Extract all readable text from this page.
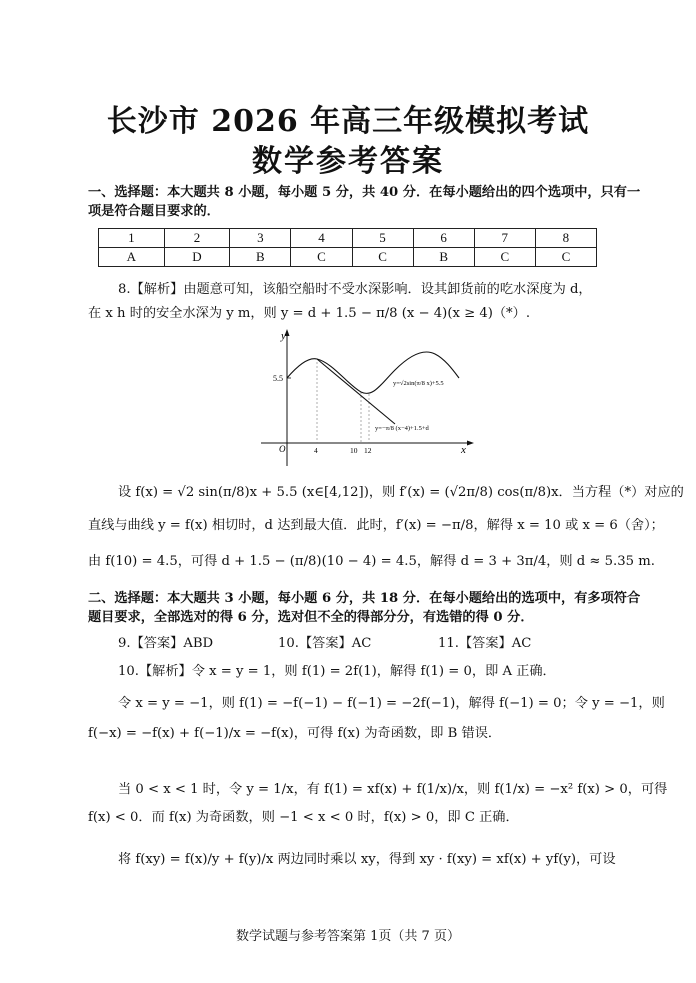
长沙市 2026 年高三年级模拟考试
数学参考答案
一、选择题：本大题共 8 小题，每小题 5 分，共 40 分．在每小题给出的四个选项中，只有一项是符合题目要求的．
1	2	3	4	5	6	7	8
A	D	B	C	C	B	C	C
8.【解析】由题意可知，该船空船时不受水深影响．设其卸货前的吃水深度为 d，
在 x h 时的安全水深为 y m，则 y = d + 1.5 − π/8 (x − 4)(x ≥ 4)（*）.
y
x
O
5.5
4	10 12
y=√2sin(π/8 x)+5.5
y=−π/8 (x−4)+1.5+d
设 f(x) = √2 sin(π/8)x + 5.5 (x∈[4,12])，则 f′(x) = (√2π/8) cos(π/8)x．当方程（*）对应的
直线与曲线 y = f(x) 相切时，d 达到最大值．此时，f′(x) = −π/8，解得 x = 10 或 x = 6（舍）；
由 f(10) = 4.5，可得 d + 1.5 − (π/8)(10 − 4) = 4.5，解得 d = 3 + 3π/4，则 d ≈ 5.35 m.
二、选择题：本大题共 3 小题，每小题 6 分，共 18 分．在每小题给出的选项中，有多项符合题目要求，全部选对的得 6 分，选对但不全的得部分分，有选错的得 0 分．
9.【答案】ABD	10.【答案】AC	11.【答案】AC
10.【解析】令 x = y = 1，则 f(1) = 2f(1)，解得 f(1) = 0，即 A 正确．
令 x = y = −1，则 f(1) = −f(−1) − f(−1) = −2f(−1)，解得 f(−1) = 0；令 y = −1，则
f(−x) = −f(x) + f(−1)/x = −f(x)，可得 f(x) 为奇函数，即 B 错误．
当 0 < x < 1 时，令 y = 1/x，有 f(1) = xf(x) + f(1/x)/x，则 f(1/x) = −x² f(x) > 0，可得
f(x) < 0．而 f(x) 为奇函数，则 −1 < x < 0 时，f(x) > 0，即 C 正确．
将 f(xy) = f(x)/y + f(y)/x 两边同时乘以 xy，得到 xy · f(xy) = xf(x) + yf(y)，可设
数学试题与参考答案第 1页（共 7 页）
